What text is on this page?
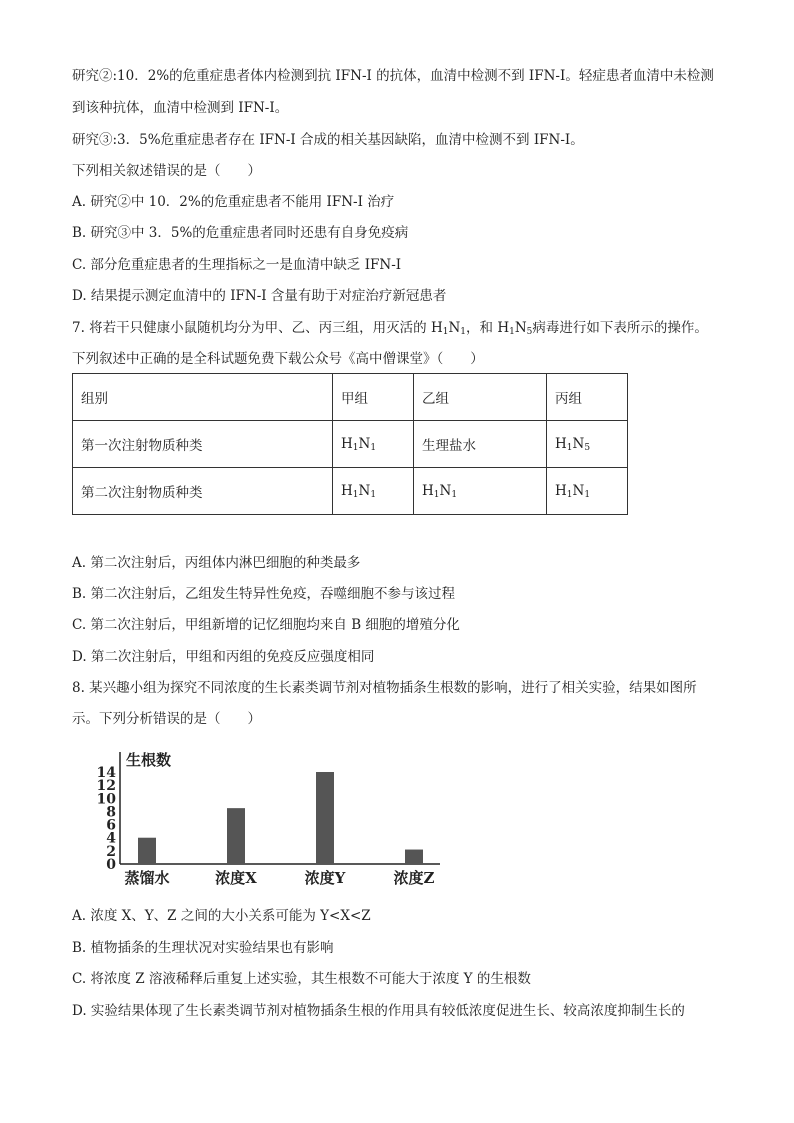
研究②:10．2%的危重症患者体内检测到抗 IFN-I 的抗体，血清中检测不到 IFN-I。轻症患者血清中未检测
到该种抗体，血清中检测到 IFN-I。
研究③:3．5%危重症患者存在 IFN-I 合成的相关基因缺陷，血清中检测不到 IFN-I。
下列相关叙述错误的是（　　）
A. 研究②中 10．2%的危重症患者不能用 IFN-I 治疗
B. 研究③中 3．5%的危重症患者同时还患有自身免疫病
C. 部分危重症患者的生理指标之一是血清中缺乏 IFN-I
D. 结果提示测定血清中的 IFN-I 含量有助于对症治疗新冠患者
7. 将若干只健康小鼠随机均分为甲、乙、丙三组，用灭活的 $H_1N_1$，和 $H_1N_5$病毒进行如下表所示的操作。
下列叙述中正确的是全科试题免费下载公众号《高中僧课堂》（　　）
组别	甲组	乙组	丙组
第一次注射物质种类	$H_1N_1$	生理盐水	$H_1N_5$
第二次注射物质种类	$H_1N_1$	$H_1N_1$	$H_1N_1$
A. 第二次注射后，丙组体内淋巴细胞的种类最多
B. 第二次注射后，乙组发生特异性免疫，吞噬细胞不参与该过程
C. 第二次注射后，甲组新增的记忆细胞均来自 B 细胞的增殖分化
D. 第二次注射后，甲组和丙组的免疫反应强度相同
8. 某兴趣小组为探究不同浓度的生长素类调节剂对植物插条生根数的影响，进行了相关实验，结果如图所
示。下列分析错误的是（　　）
生根数
0
2
4
6
8
10
12
14
蒸馏水	浓度X	浓度Y	浓度Z
A. 浓度 X、Y、Z 之间的大小关系可能为 Y<X<Z
B. 植物插条的生理状况对实验结果也有影响
C. 将浓度 Z 溶液稀释后重复上述实验，其生根数不可能大于浓度 Y 的生根数
D. 实验结果体现了生长素类调节剂对植物插条生根的作用具有较低浓度促进生长、较高浓度抑制生长的
